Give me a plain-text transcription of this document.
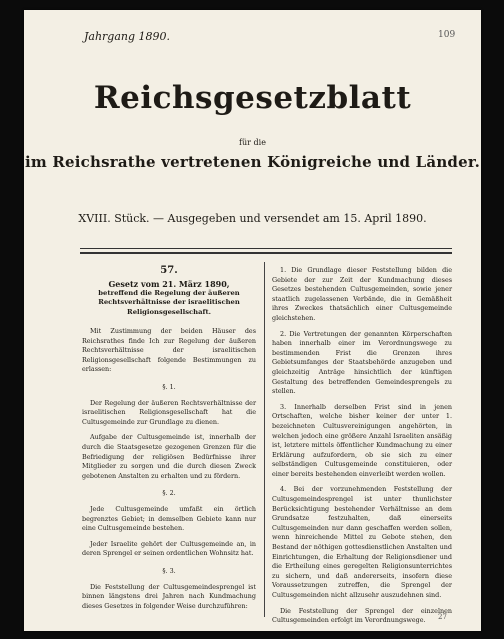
Jahrgang 1890.	109
Reichsgesetzblatt
für die
im Reichsrathe vertretenen Königreiche und Länder.
XVIII. Stück. — Ausgegeben und versendet am 15. April 1890.
57.
Gesetz vom 21. März 1890,
betreffend die Regelung der äußeren Rechtsverhältnisse der israelitischen Religionsgesellschaft.

Mit Zustimmung der beiden Häuser des Reichsrathes finde Ich zur Regelung der äußeren Rechtsverhältnisse der israelitischen Religionsgesellschaft folgende Bestimmungen zu erlassen:

§. 1.

Der Regelung der äußeren Rechtsverhältnisse der israelitischen Religionsgesellschaft hat die Cultusgemeinde zur Grundlage zu dienen.

Aufgabe der Cultusgemeinde ist, innerhalb der durch die Staatsgesetze gezogenen Grenzen für die Befriedigung der religiösen Bedürfnisse ihrer Mitglieder zu sorgen und die durch diesen Zweck gebotenen Anstalten zu erhalten und zu fördern.

§. 2.

Jede Cultusgemeinde umfaßt ein örtlich begrenztes Gebiet; in demselben Gebiete kann nur eine Cultusgemeinde bestehen.

Jeder Israelite gehört der Cultusgemeinde an, in deren Sprengel er seinen ordentlichen Wohnsitz hat.

§. 3.

Die Feststellung der Cultusgemeindesprengel ist binnen längstens drei Jahren nach Kundmachung dieses Gesetzes in folgender Weise durchzuführen:

1. Die Grundlage dieser Feststellung bilden die Gebiete der zur Zeit der Kundmachung dieses Gesetzes bestehenden Cultusgemeinden, sowie jener staatlich zugelassenen Verbände, die in Gemäßheit ihres Zweckes thatsächlich einer Cultusgemeinde gleichstehen.

2. Die Vertretungen der genannten Körperschaften haben innerhalb einer im Verordnungswege zu bestimmenden Frist die Grenzen ihres Gebietsumfanges der Staatsbehörde anzugeben und gleichzeitig Anträge hinsichtlich der künftigen Gestaltung des betreffenden Gemeindesprengels zu stellen.

3. Innerhalb derselben Frist sind in jenen Ortschaften, welche bisher keiner der unter 1. bezeichneten Cultusvereinigungen angehörten, in welchen jedoch eine größere Anzahl Israeliten ansäßig ist, letztere mittels öffentlicher Kundmachung zu einer Erklärung aufzufordern, ob sie sich zu einer selbständigen Cultusgemeinde constituieren, oder einer bereits bestehenden einverleibt werden wollen.

4. Bei der vorzunehmenden Feststellung der Cultusgemeindesprengel ist unter thunlichster Berücksichtigung bestehender Verhältnisse an dem Grundsatze festzuhalten, daß einerseits Cultusgemeinden nur dann geschaffen werden sollen, wenn hinreichende Mittel zu Gebote stehen, den Bestand der nöthigen gottesdienstlichen Anstalten und Einrichtungen, die Erhaltung der Religionsdiener und die Ertheilung eines geregelten Religionsunterrichtes zu sichern, und daß andererseits, insofern diese Voraussetzungen zutreffen, die Sprengel der Cultusgemeinden nicht allzusehr auszudehnen sind.

Die Feststellung der Sprengel der einzelnen Cultusgemeinden erfolgt im Verordnungswege.	27
